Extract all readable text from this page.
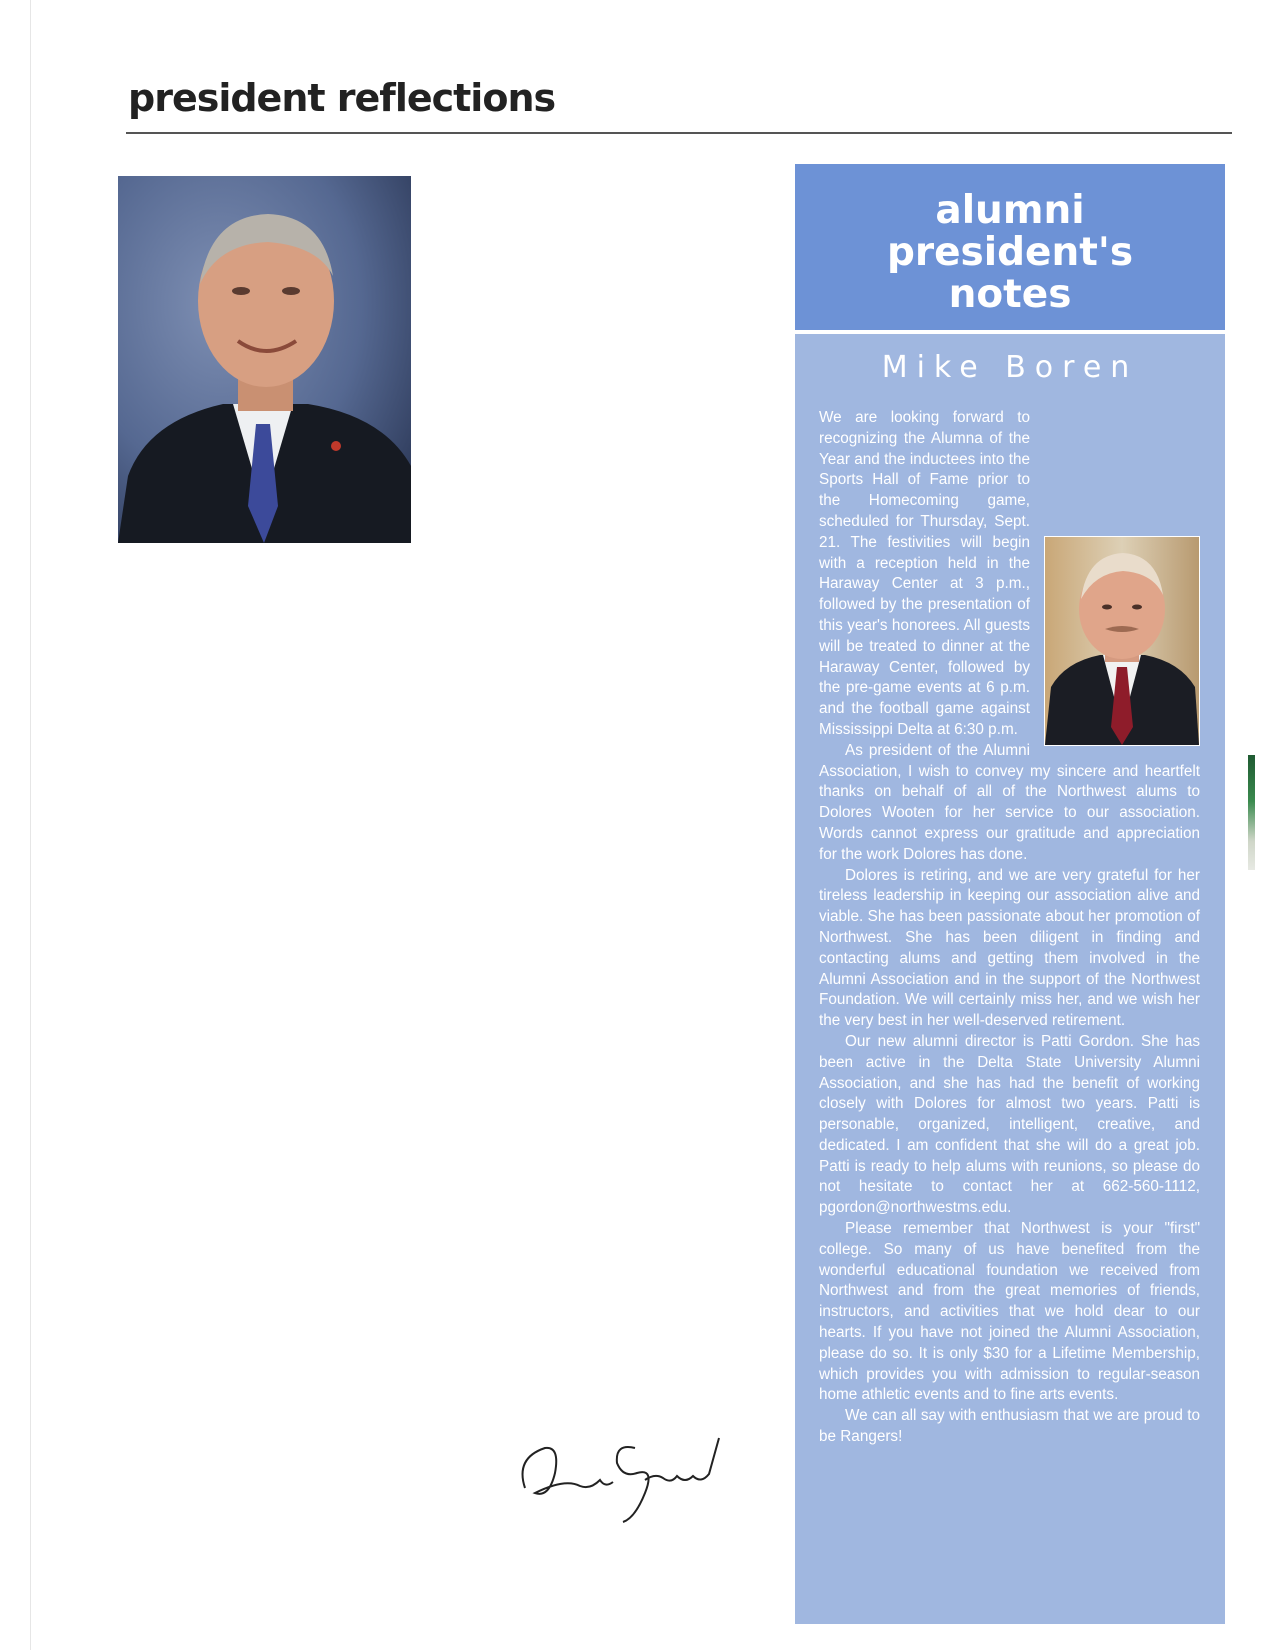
president reflections
alumni
president's
notes
Mike Boren

We are looking forward to recognizing the Alumna of the Year and the inductees into the Sports Hall of Fame prior to the Homecoming game, scheduled for Thursday, Sept. 21. The festivities will begin with a reception held in the Haraway Center at 3 p.m., followed by the presentation of this year's honorees. All guests will be treated to dinner at the Haraway Center, followed by the pre-game events at 6 p.m. and the football game against Mississippi Delta at 6:30 p.m.

As president of the Alumni Association, I wish to convey my sincere and heartfelt thanks on behalf of all of the Northwest alums to Dolores Wooten for her service to our association. Words cannot express our gratitude and appreciation for the work Dolores has done.

Dolores is retiring, and we are very grateful for her tireless leadership in keeping our association alive and viable. She has been passionate about her promotion of Northwest. She has been diligent in finding and contacting alums and getting them involved in the Alumni Association and in the support of the Northwest Foundation. We will certainly miss her, and we wish her the very best in her well-deserved retirement.

Our new alumni director is Patti Gordon. She has been active in the Delta State University Alumni Association, and she has had the benefit of working closely with Dolores for almost two years. Patti is personable, organized, intelligent, creative, and dedicated. I am confident that she will do a great job. Patti is ready to help alums with reunions, so please do not hesitate to contact her at 662-560-1112, pgordon@northwestms.edu.

Please remember that Northwest is your "first" college. So many of us have benefited from the wonderful educational foundation we received from Northwest and from the great memories of friends, instructors, and activities that we hold dear to our hearts. If you have not joined the Alumni Association, please do so. It is only $30 for a Lifetime Membership, which provides you with admission to regular-season home athletic events and to fine arts events.

We can all say with enthusiasm that we are proud to be Rangers!
